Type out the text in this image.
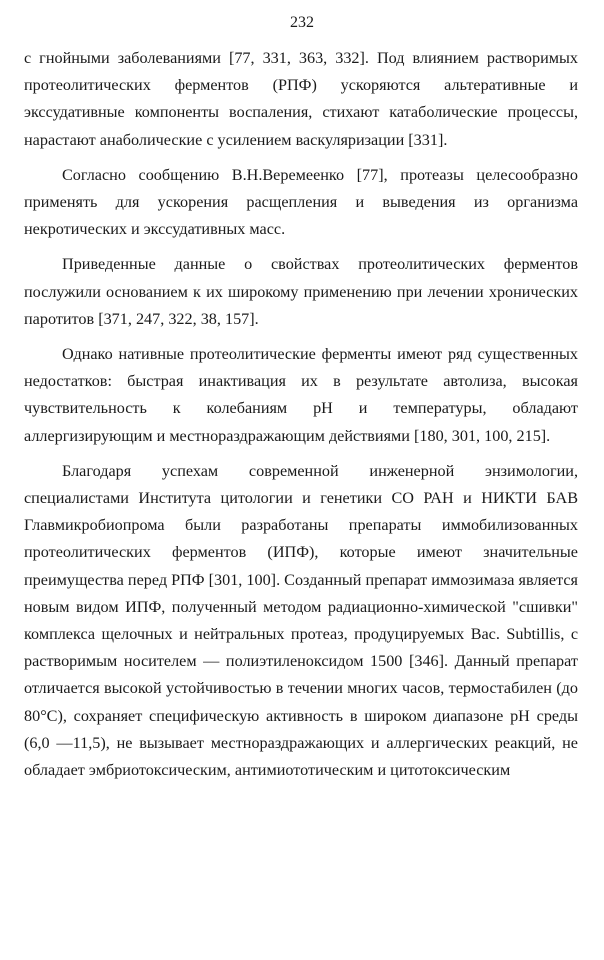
232

с гнойными заболеваниями [77, 331, 363, 332]. Под влиянием растворимых протеолитических ферментов (РПФ) ускоряются альтеративные и экссудативные компоненты воспаления, стихают катаболические процессы, нарастают анаболические с усилением васкуляризации [331].

Согласно сообщению В.Н.Веремеенко [77], протеазы целесообразно применять для ускорения расщепления и выведения из организма некротических и экссудативных масс.

Приведенные данные о свойствах протеолитических ферментов послужили основанием к их широкому применению при лечении хронических паротитов [371, 247, 322, 38, 157].

Однако нативные протеолитические ферменты имеют ряд существенных недостатков: быстрая инактивация их в результате автолиза, высокая чувствительность к колебаниям pH и температуры, обладают аллергизирующим и местнораздражающим действиями [180, 301, 100, 215].

Благодаря успехам современной инженерной энзимологии, специалистами Института цитологии и генетики СО РАН и НИКТИ БАВ Главмикробиопрома были разработаны препараты иммобилизованных протеолитических ферментов (ИПФ), которые имеют значительные преимущества перед РПФ [301, 100]. Созданный препарат иммозимаза является новым видом ИПФ, полученный методом радиационно-химической "сшивки" комплекса щелочных и нейтральных протеаз, продуцируемых Bac. Subtillis, с растворимым носителем — полиэтиленоксидом 1500 [346]. Данный препарат отличается высокой устойчивостью в течении многих часов, термостабилен (до 80°С), сохраняет специфическую активность в широком диапазоне pH среды (6,0 —11,5), не вызывает местнораздражающих и аллергических реакций, не обладает эмбриотоксическим, антимиототическим и цитотоксическим
